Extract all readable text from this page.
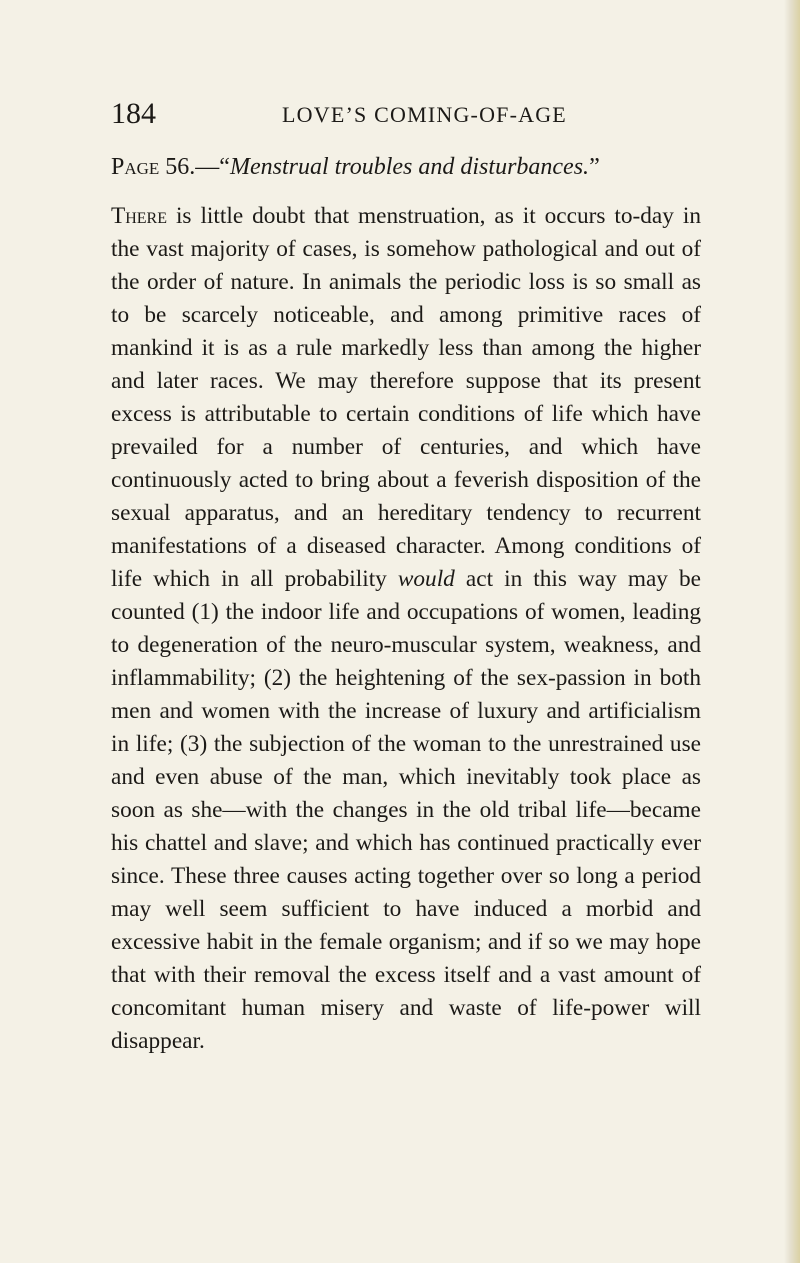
184	LOVE’S COMING-OF-AGE
Page 56.—“Menstrual troubles and disturbances.”

There is little doubt that menstruation, as it occurs to-day in the vast majority of cases, is somehow pathological and out of the order of nature. In animals the periodic loss is so small as to be scarcely noticeable, and among primitive races of mankind it is as a rule markedly less than among the higher and later races. We may therefore suppose that its present excess is attributable to certain conditions of life which have prevailed for a number of centuries, and which have continuously acted to bring about a feverish disposition of the sexual apparatus, and an hereditary tendency to recurrent manifestations of a diseased character. Among conditions of life which in all probability would act in this way may be counted (1) the indoor life and occupations of women, leading to degeneration of the neuro-muscular system, weakness, and inflammability; (2) the heightening of the sex-passion in both men and women with the increase of luxury and artificialism in life; (3) the subjection of the woman to the unrestrained use and even abuse of the man, which inevitably took place as soon as she—with the changes in the old tribal life—became his chattel and slave; and which has continued practically ever since. These three causes acting together over so long a period may well seem sufficient to have induced a morbid and excessive habit in the female organism; and if so we may hope that with their removal the excess itself and a vast amount of concomitant human misery and waste of life-power will disappear.
